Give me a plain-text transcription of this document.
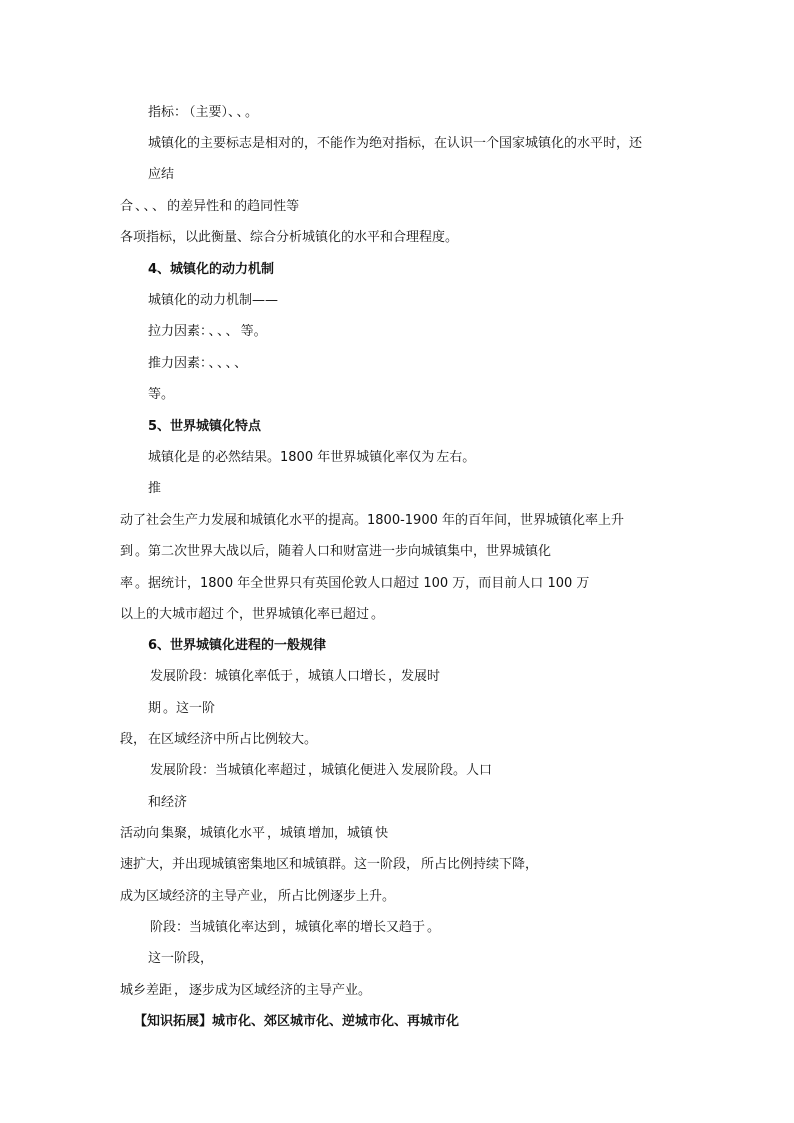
指标： （主要）、 、 。
城镇化的主要标志是相对的，不能作为绝对指标，在认识一个国家城镇化的水平时，还
应结
合 、 、 、 的差异性和 的趋同性等
各项指标，以此衡量、综合分析城镇化的水平和合理程度。
4、城镇化的动力机制
城镇化的动力机制——
拉力因素： 、 、 、 等。
推力因素： 、 、 、 、
等。
5、世界城镇化特点
城镇化是 的必然结果。1800 年世界城镇化率仅为 左右。
推
动了社会生产力发展和城镇化水平的提高。1800-1900 年的百年间，世界城镇化率上升
到 。第二次世界大战以后，随着人口和财富进一步向城镇集中，世界城镇化
率 。据统计，1800 年全世界只有英国伦敦人口超过 100 万，而目前人口 100 万
以上的大城市超过 个，世界城镇化率已超过 。
6、世界城镇化进程的一般规律
发展阶段：城镇化率低于 ，城镇人口增长 ，发展时
期 。这一阶
段， 在区域经济中所占比例较大。
发展阶段：当城镇化率超过 ，城镇化便进入 发展阶段。人口
和经济
活动向 集聚，城镇化水平 ，城镇 增加，城镇 快
速扩大，并出现城镇密集地区和城镇群。这一阶段， 所占比例持续下降，
成为区域经济的主导产业， 所占比例逐步上升。
阶段：当城镇化率达到 ，城镇化率的增长又趋于 。
这一阶段，
城乡差距 ， 逐步成为区域经济的主导产业。
【知识拓展】城市化、郊区城市化、逆城市化、再城市化
